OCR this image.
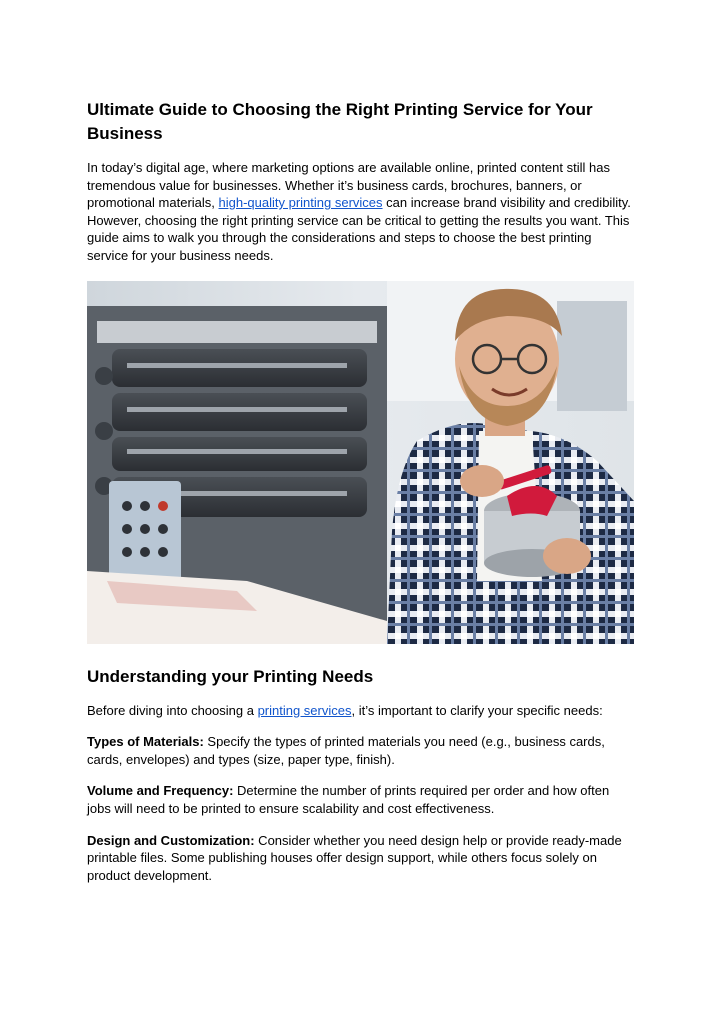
Ultimate Guide to Choosing the Right Printing Service for Your Business

In today’s digital age, where marketing options are available online, printed content still has tremendous value for businesses. Whether it’s business cards, brochures, banners, or promotional materials, high-quality printing services can increase brand visibility and credibility. However, choosing the right printing service can be critical to getting the results you want. This guide aims to walk you through the considerations and steps to choose the best printing service for your business needs.

Understanding your Printing Needs

Before diving into choosing a printing services, it’s important to clarify your specific needs:

Types of Materials: Specify the types of printed materials you need (e.g., business cards, cards, envelopes) and types (size, paper type, finish).

Volume and Frequency: Determine the number of prints required per order and how often jobs will need to be printed to ensure scalability and cost effectiveness.

Design and Customization: Consider whether you need design help or provide ready-made printable files. Some publishing houses offer design support, while others focus solely on product development.
